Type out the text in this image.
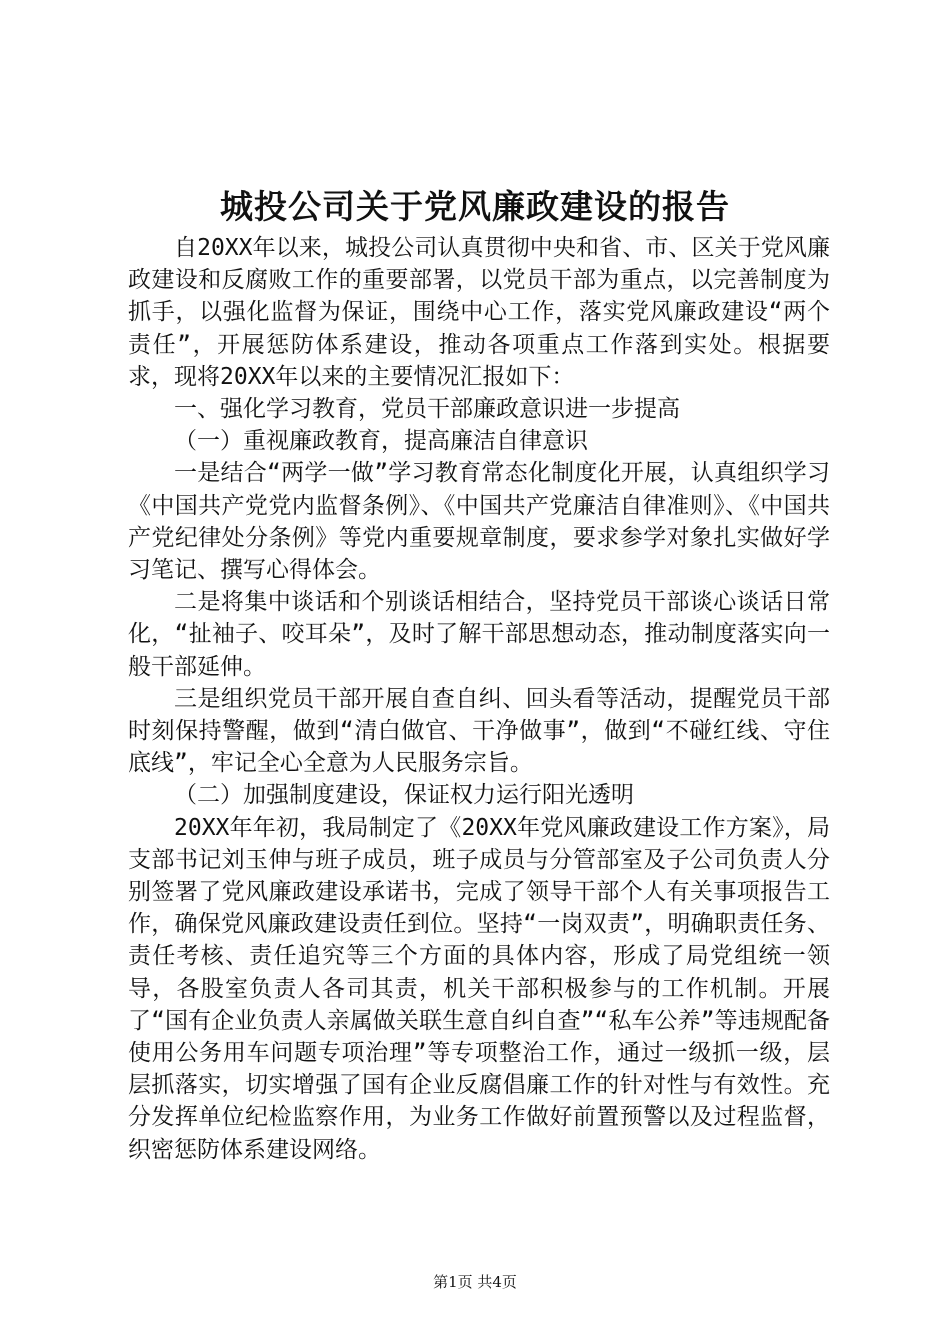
城投公司关于党风廉政建设的报告

自20XX年以来，城投公司认真贯彻中央和省、市、区关于党风廉政建设和反腐败工作的重要部署，以党员干部为重点，以完善制度为抓手，以强化监督为保证，围绕中心工作，落实党风廉政建设“两个责任”，开展惩防体系建设，推动各项重点工作落到实处。根据要求，现将20XX年以来的主要情况汇报如下：

一、强化学习教育，党员干部廉政意识进一步提高

（一）重视廉政教育，提高廉洁自律意识

一是结合“两学一做”学习教育常态化制度化开展，认真组织学习《中国共产党党内监督条例》、《中国共产党廉洁自律准则》、《中国共产党纪律处分条例》等党内重要规章制度，要求参学对象扎实做好学习笔记、撰写心得体会。

二是将集中谈话和个别谈话相结合，坚持党员干部谈心谈话日常化，“扯袖子、咬耳朵”，及时了解干部思想动态，推动制度落实向一般干部延伸。

三是组织党员干部开展自查自纠、回头看等活动，提醒党员干部时刻保持警醒，做到“清白做官、干净做事”，做到“不碰红线、守住底线”，牢记全心全意为人民服务宗旨。

（二）加强制度建设，保证权力运行阳光透明

20XX年年初，我局制定了《20XX年党风廉政建设工作方案》，局支部书记刘玉伸与班子成员，班子成员与分管部室及子公司负责人分别签署了党风廉政建设承诺书，完成了领导干部个人有关事项报告工作，确保党风廉政建设责任到位。坚持“一岗双责”，明确职责任务、责任考核、责任追究等三个方面的具体内容，形成了局党组统一领导，各股室负责人各司其责，机关干部积极参与的工作机制。开展了“国有企业负责人亲属做关联生意自纠自查”“私车公养”等违规配备使用公务用车问题专项治理”等专项整治工作，通过一级抓一级，层层抓落实，切实增强了国有企业反腐倡廉工作的针对性与有效性。充分发挥单位纪检监察作用，为业务工作做好前置预警以及过程监督，织密惩防体系建设网络。

第1页 共4页
